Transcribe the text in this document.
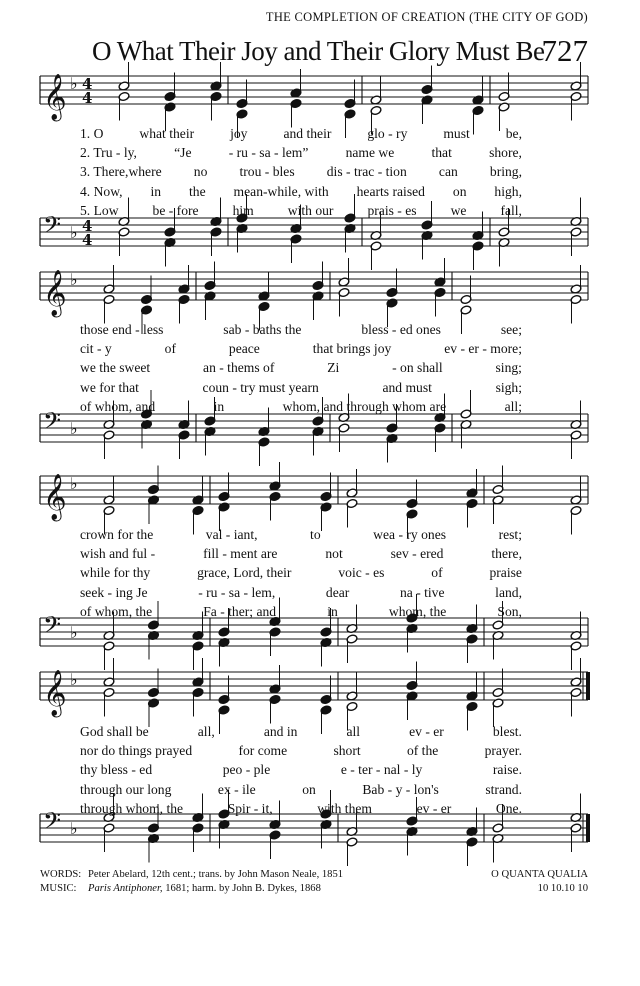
THE COMPLETION OF CREATION (THE CITY OF GOD)
O What Their Joy and Their Glory Must Be
727
𝄞 ♭ 4
4
𝄢 ♭ 4
4
𝄞 ♭
𝄢 ♭
𝄞 ♭
𝄢 ♭
𝄞 ♭
𝄢 ♭
1. O	what their	joy	and their	glo - ry	must	be,
2. Tru - ly,	“Je	- ru - sa - lem”	name we	that	shore,
3. There,where no trou - bles dis - trac - tion can bring,
4. Now, in the mean-while, with hearts raised on high,
5. Low	be - fore	him	with our	prais - es	we	fall,
those end - less	sab - baths the	bless - ed ones	see;
cit - y	of	peace	that brings joy	ev - er - more;
we the sweet	an - thems of	Zi	- on shall	sing;
we for that	coun - try must yearn	and must	sigh;
of whom, and	in	whom, and through whom are	all;
crown for the	val - iant,	to	wea - ry ones	rest;
wish and ful -	fill - ment are	not	sev - ered	there,
while for thy	grace, Lord, their	voic - es	of	praise
seek - ing Je	- ru - sa - lem,	dear	na - tive	land,
of whom, the	Fa - ther; and	in	whom, the	Son,
God shall be	all,	and in	all	ev - er	blest.
nor do things prayed	for come	short	of the	prayer.
thy bless - ed	peo - ple	e - ter - nal - ly	raise.
through our long	ex - ile	on	Bab - y - lon's	strand.
through whom, the	Spir - it,	with them	ev - er	One.
WORDS: Peter Abelard, 12th cent.; trans. by John Mason Neale, 1851
MUSIC: Paris Antiphoner, 1681; harm. by John B. Dykes, 1868
O QUANTA QUALIA
10 10.10 10
